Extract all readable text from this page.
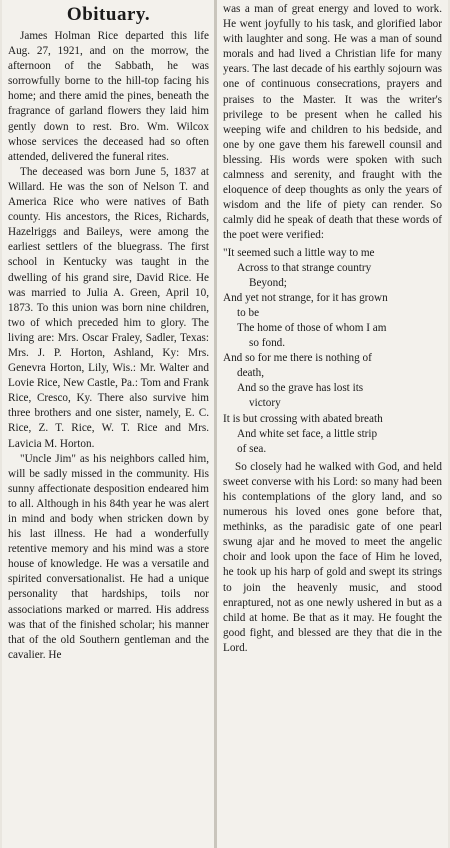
Obituary.

James Holman Rice departed this life Aug. 27, 1921, and on the morrow, the afternoon of the Sabbath, he was sorrowfully borne to the hill-top facing his home; and there amid the pines, beneath the fragrance of garland flowers they laid him gently down to rest. Bro. Wm. Wilcox whose services the deceased had so often attended, delivered the funeral rites.

The deceased was born June 5, 1837 at Willard. He was the son of Nelson T. and America Rice who were natives of Bath county. His ancestors, the Rices, Richards, Hazelriggs and Baileys, were among the earliest settlers of the bluegrass. The first school in Kentucky was taught in the dwelling of his grand sire, David Rice. He was married to Julia A. Green, April 10, 1873. To this union was born nine children, two of which preceded him to glory. The living are: Mrs. Oscar Fraley, Sadler, Texas: Mrs. J. P. Horton, Ashland, Ky: Mrs. Genevra Horton, Lily, Wis.: Mr. Walter and Lovie Rice, New Castle, Pa.: Tom and Frank Rice, Cresco, Ky. There also survive him three brothers and one sister, namely, E. C. Rice, Z. T. Rice, W. T. Rice and Mrs. Lavicia M. Horton.

"Uncle Jim" as his neighbors called him, will be sadly missed in the community. His sunny affectionate desposition endeared him to all. Although in his 84th year he was alert in mind and body when stricken down by his last illness. He had a wonderfully retentive memory and his mind was a store house of knowledge. He was a versatile and spirited conversationalist. He had a unique personality that hardships, toils nor associations marked or marred. His address was that of the finished scholar; his manner that of the old Southern gentleman and the cavalier. He

was a man of great energy and loved to work. He went joyfully to his task, and glorified labor with laughter and song. He was a man of sound morals and had lived a Christian life for many years. The last decade of his earthly sojourn was one of continuous consecrations, prayers and praises to the Master. It was the writer's privilege to be present when he called his weeping wife and children to his bedside, and one by one gave them his farewell counsil and blessing. His words were spoken with such calmness and serenity, and fraught with the eloquence of deep thoughts as only the years of wisdom and the life of piety can render. So calmly did he speak of death that these words of the poet were verified:

"It seemed such a little way to me
Across to that strange country
Beyond;
And yet not strange, for it has grown
to be
The home of those of whom I am
so fond.
And so for me there is nothing of
death,
And so the grave has lost its
victory
It is but crossing with abated breath
And white set face, a little strip
of sea.

So closely had he walked with God, and held sweet converse with his Lord: so many had been his contemplations of the glory land, and so numerous his loved ones gone before that, methinks, as the paradisic gate of one pearl swung ajar and he moved to meet the angelic choir and look upon the face of Him he loved, he took up his harp of gold and swept its strings to join the heavenly music, and stood enraptured, not as one newly ushered in but as a child at home. Be that as it may. He fought the good fight, and blessed are they that die in the Lord.
